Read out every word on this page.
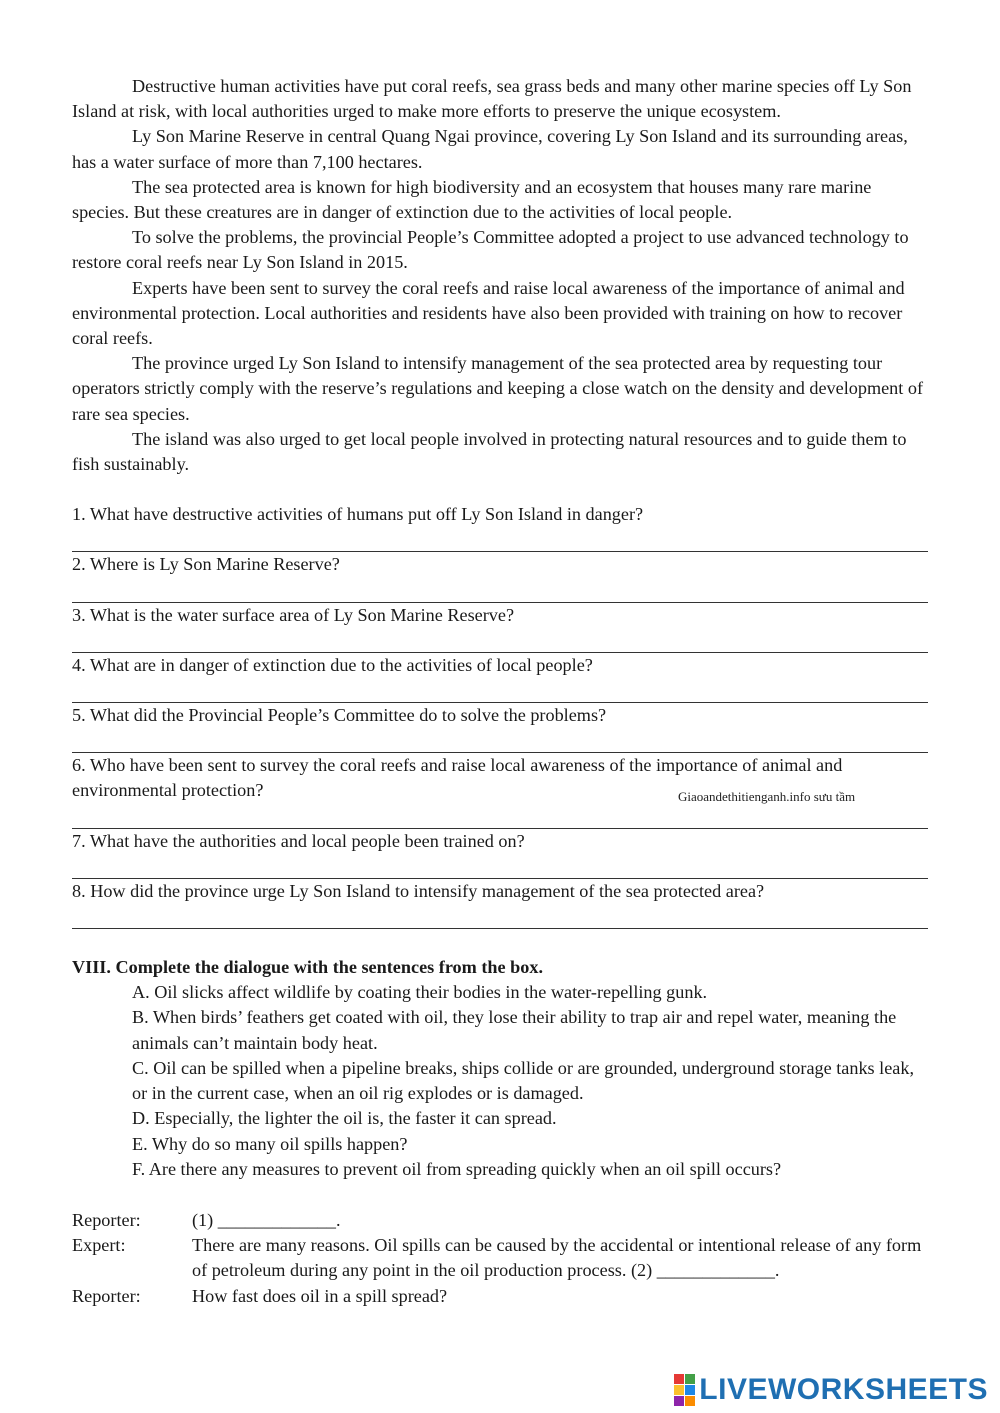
Destructive human activities have put coral reefs, sea grass beds and many other marine species off Ly Son Island at risk, with local authorities urged to make more efforts to preserve the unique ecosystem.

Ly Son Marine Reserve in central Quang Ngai province, covering Ly Son Island and its surrounding areas, has a water surface of more than 7,100 hectares.

The sea protected area is known for high biodiversity and an ecosystem that houses many rare marine species. But these creatures are in danger of extinction due to the activities of local people.

To solve the problems, the provincial People’s Committee adopted a project to use advanced technology to restore coral reefs near Ly Son Island in 2015.

Experts have been sent to survey the coral reefs and raise local awareness of the importance of animal and environmental protection. Local authorities and residents have also been provided with training on how to recover coral reefs.

The province urged Ly Son Island to intensify management of the sea protected area by requesting tour operators strictly comply with the reserve’s regulations and keeping a close watch on the density and development of rare sea species.

The island was also urged to get local people involved in protecting natural resources and to guide them to fish sustainably.

1. What have destructive activities of humans put off Ly Son Island in danger?
2. Where is Ly Son Marine Reserve?
3. What is the water surface area of Ly Son Marine Reserve?
4. What are in danger of extinction due to the activities of local people?
5. What did the Provincial People’s Committee do to solve the problems?
6. Who have been sent to survey the coral reefs and raise local awareness of the importance of animal and environmental protection?	Giaoandethitienganh.info sưu tầm
7. What have the authorities and local people been trained on?
8. How did the province urge Ly Son Island to intensify management of the sea protected area?
VIII. Complete the dialogue with the sentences from the box.

A. Oil slicks affect wildlife by coating their bodies in the water-repelling gunk.

B. When birds’ feathers get coated with oil, they lose their ability to trap air and repel water, meaning the animals can’t maintain body heat.

C. Oil can be spilled when a pipeline breaks, ships collide or are grounded, underground storage tanks leak, or in the current case, when an oil rig explodes or is damaged.

D. Especially, the lighter the oil is, the faster it can spread.

E. Why do so many oil spills happen?

F. Are there any measures to prevent oil from spreading quickly when an oil spill occurs?

Reporter:	(1) _____________.
Expert:	There are many reasons. Oil spills can be caused by the accidental or intentional release of any form of petroleum during any point in the oil production process. (2) _____________.
Reporter:	How fast does oil in a spill spread?
LIVEWORKSHEETS
